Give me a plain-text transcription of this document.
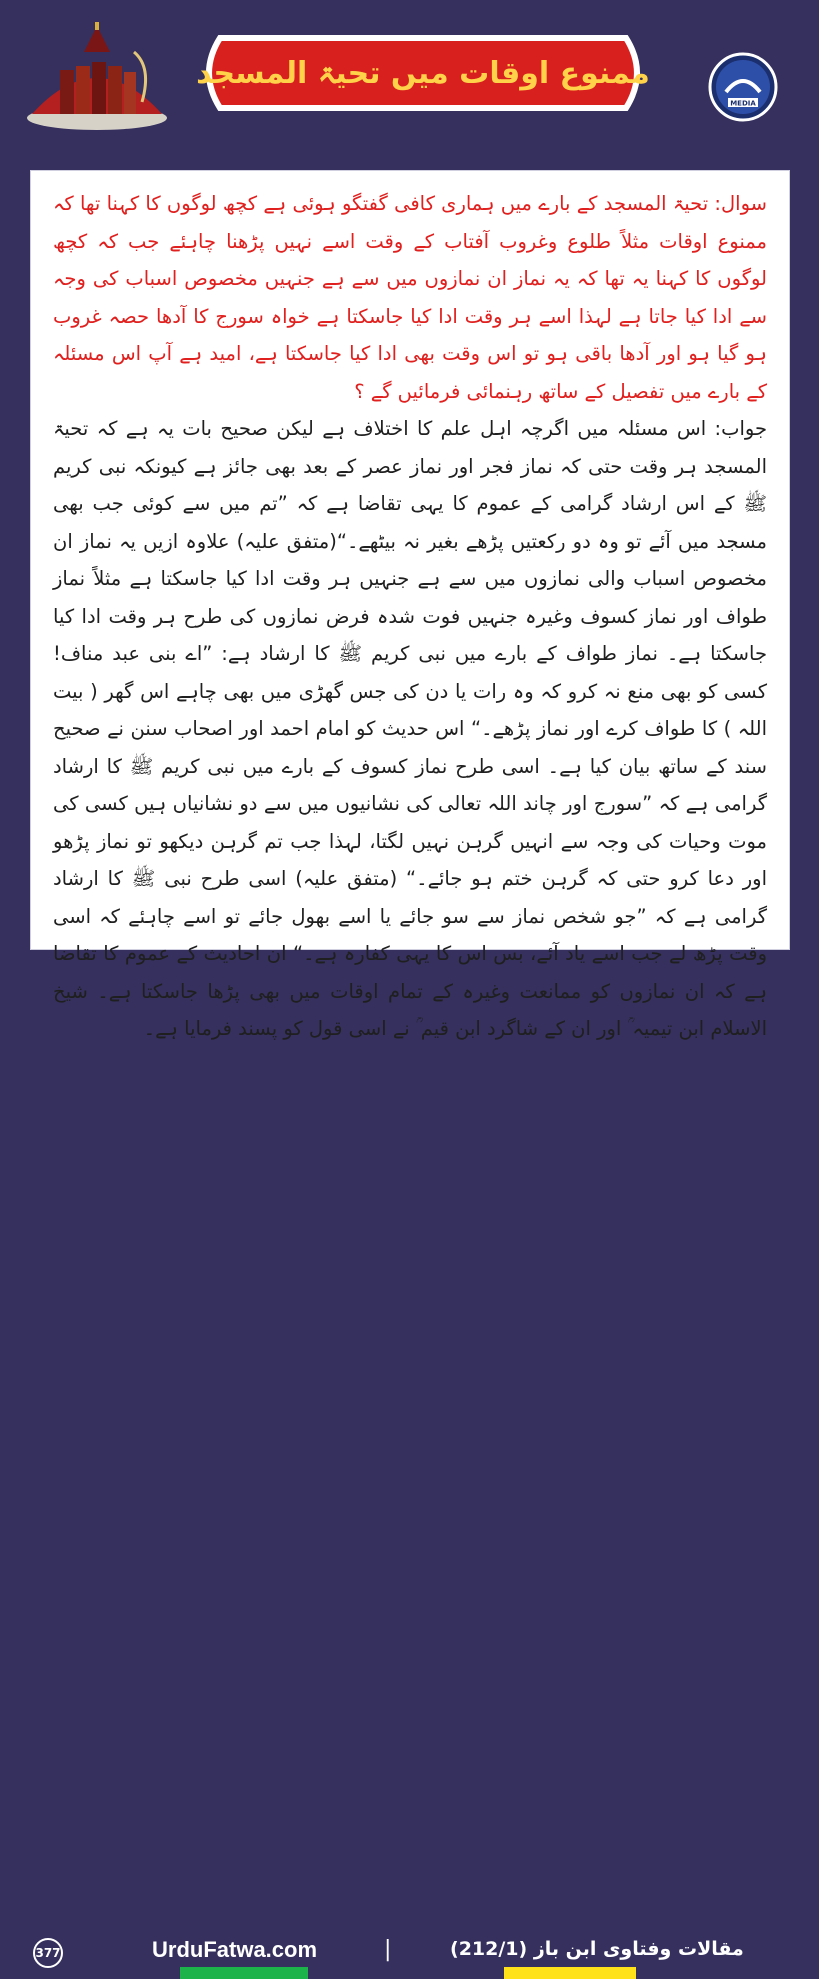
ممنوع اوقات میں تحیۃ المسجد
MEDIA

سوال: تحیۃ المسجد کے بارے میں ہماری کافی گفتگو ہوئی ہے کچھ لوگوں کا کہنا تھا کہ ممنوع اوقات مثلاً طلوع وغروب آفتاب کے وقت اسے نہیں پڑھنا چاہئے جب کہ کچھ لوگوں کا کہنا یہ تھا کہ یہ نماز ان نمازوں میں سے ہے جنہیں مخصوص اسباب کی وجہ سے ادا کیا جاتا ہے لہذا اسے ہر وقت ادا کیا جاسکتا ہے خواہ سورج کا آدھا حصہ غروب ہو گیا ہو اور آدھا باقی ہو تو اس وقت بھی ادا کیا جاسکتا ہے، امید ہے آپ اس مسئلہ کے بارے میں تفصیل کے ساتھ رہنمائی فرمائیں گے ؟

جواب: اس مسئلہ میں اگرچہ اہل علم کا اختلاف ہے لیکن صحیح بات یہ ہے کہ تحیۃ المسجد ہر وقت حتی کہ نماز فجر اور نماز عصر کے بعد بھی جائز ہے کیونکہ نبی کریم ﷺ کے اس ارشاد گرامی کے عموم کا یہی تقاضا ہے کہ ”تم میں سے کوئی جب بھی مسجد میں آئے تو وہ دو رکعتیں پڑھے بغیر نہ بیٹھے۔“(متفق علیہ) علاوہ ازیں یہ نماز ان مخصوص اسباب والی نمازوں میں سے ہے جنہیں ہر وقت ادا کیا جاسکتا ہے مثلاً نماز طواف اور نماز کسوف وغیرہ جنہیں فوت شدہ فرض نمازوں کی طرح ہر وقت ادا کیا جاسکتا ہے۔ نماز طواف کے بارے میں نبی کریم ﷺ کا ارشاد ہے: ”اے بنی عبد مناف! کسی کو بھی منع نہ کرو کہ وہ رات یا دن کی جس گھڑی میں بھی چاہے اس گھر ( بیت اللہ ) کا طواف کرے اور نماز پڑھے۔“ اس حدیث کو امام احمد اور اصحاب سنن نے صحیح سند کے ساتھ بیان کیا ہے۔ اسی طرح نماز کسوف کے بارے میں نبی کریم ﷺ کا ارشاد گرامی ہے کہ ”سورج اور چاند اللہ تعالی کی نشانیوں میں سے دو نشانیاں ہیں کسی کی موت وحیات کی وجہ سے انہیں گرہن نہیں لگتا، لہذا جب تم گرہن دیکھو تو نماز پڑھو اور دعا کرو حتی کہ گرہن ختم ہو جائے۔“ (متفق علیہ) اسی طرح نبی ﷺ کا ارشاد گرامی ہے کہ ”جو شخص نماز سے سو جائے یا اسے بھول جائے تو اسے چاہئے کہ اسی وقت پڑھ لے جب اسے یاد آئے، بس اس کا یہی کفارہ ہے۔“ ان احادیث کے عموم کا تقاضا ہے کہ ان نمازوں کو ممانعت وغیرہ کے تمام اوقات میں بھی پڑھا جاسکتا ہے۔ شیخ الاسلام ابن تیمیہ ؒ اور ان کے شاگرد ابن قیم ؒ نے اسی قول کو پسند فرمایا ہے۔

377	UrduFatwa.com	|	مقالات وفتاوی ابن باز (212/1)
